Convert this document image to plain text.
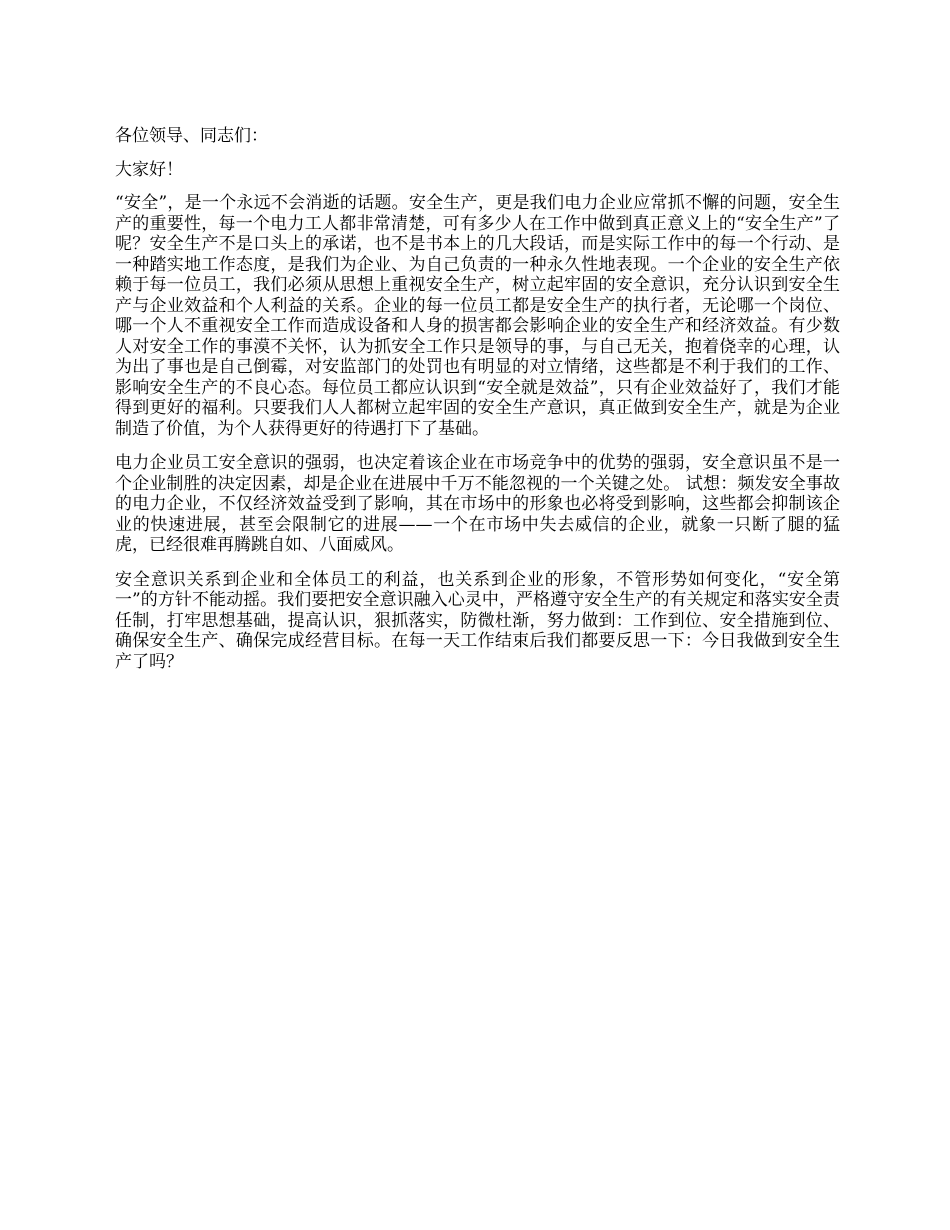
各位领导、同志们：

大家好！

“安全”，是一个永远不会消逝的话题。安全生产，更是我们电力企业应常抓不懈的问题，安全生产的重要性，每一个电力工人都非常清楚，可有多少人在工作中做到真正意义上的“安全生产”了呢？安全生产不是口头上的承诺，也不是书本上的几大段话，而是实际工作中的每一个行动、是一种踏实地工作态度，是我们为企业、为自己负责的一种永久性地表现。一个企业的安全生产依赖于每一位员工，我们必须从思想上重视安全生产，树立起牢固的安全意识，充分认识到安全生产与企业效益和个人利益的关系。企业的每一位员工都是安全生产的执行者，无论哪一个岗位、哪一个人不重视安全工作而造成设备和人身的损害都会影响企业的安全生产和经济效益。有少数人对安全工作的事漠不关怀，认为抓安全工作只是领导的事，与自己无关，抱着侥幸的心理，认为出了事也是自己倒霉，对安监部门的处罚也有明显的对立情绪，这些都是不利于我们的工作、影响安全生产的不良心态。每位员工都应认识到“安全就是效益”，只有企业效益好了，我们才能得到更好的福利。只要我们人人都树立起牢固的安全生产意识，真正做到安全生产，就是为企业制造了价值，为个人获得更好的待遇打下了基础。

电力企业员工安全意识的强弱，也决定着该企业在市场竞争中的优势的强弱，安全意识虽不是一个企业制胜的决定因素，却是企业在进展中千万不能忽视的一个关键之处。 试想：频发安全事故的电力企业，不仅经济效益受到了影响，其在市场中的形象也必将受到影响，这些都会抑制该企业的快速进展，甚至会限制它的进展——一个在市场中失去威信的企业，就象一只断了腿的猛虎，已经很难再腾跳自如、八面威风。

安全意识关系到企业和全体员工的利益，也关系到企业的形象，不管形势如何变化，“安全第一”的方针不能动摇。我们要把安全意识融入心灵中，严格遵守安全生产的有关规定和落实安全责任制，打牢思想基础，提高认识，狠抓落实，防微杜渐，努力做到：工作到位、安全措施到位、确保安全生产、确保完成经营目标。在每一天工作结束后我们都要反思一下：今日我做到安全生产了吗？
